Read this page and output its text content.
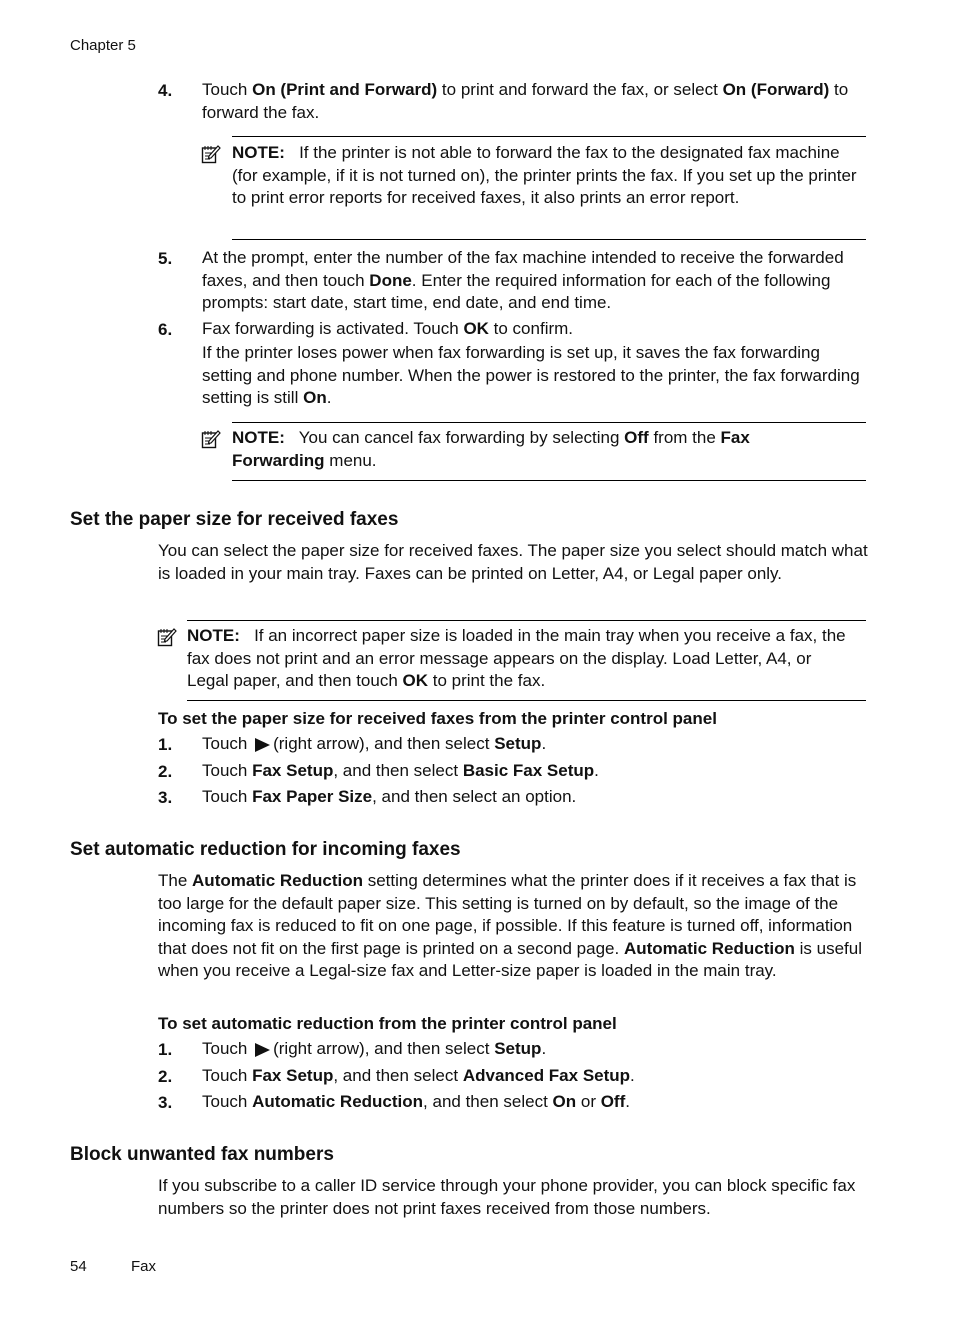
Chapter 5
4. Touch On (Print and Forward) to print and forward the fax, or select On (Forward) to forward the fax.
NOTE: If the printer is not able to forward the fax to the designated fax machine (for example, if it is not turned on), the printer prints the fax. If you set up the printer to print error reports for received faxes, it also prints an error report.
5. At the prompt, enter the number of the fax machine intended to receive the forwarded faxes, and then touch Done. Enter the required information for each of the following prompts: start date, start time, end date, and end time.
6. Fax forwarding is activated. Touch OK to confirm.
If the printer loses power when fax forwarding is set up, it saves the fax forwarding setting and phone number. When the power is restored to the printer, the fax forwarding setting is still On.
NOTE: You can cancel fax forwarding by selecting Off from the Fax Forwarding menu.
Set the paper size for received faxes
You can select the paper size for received faxes. The paper size you select should match what is loaded in your main tray. Faxes can be printed on Letter, A4, or Legal paper only.
NOTE: If an incorrect paper size is loaded in the main tray when you receive a fax, the fax does not print and an error message appears on the display. Load Letter, A4, or Legal paper, and then touch OK to print the fax.
To set the paper size for received faxes from the printer control panel
1. Touch (right arrow), and then select Setup.
2. Touch Fax Setup, and then select Basic Fax Setup.
3. Touch Fax Paper Size, and then select an option.
Set automatic reduction for incoming faxes
The Automatic Reduction setting determines what the printer does if it receives a fax that is too large for the default paper size. This setting is turned on by default, so the image of the incoming fax is reduced to fit on one page, if possible. If this feature is turned off, information that does not fit on the first page is printed on a second page. Automatic Reduction is useful when you receive a Legal-size fax and Letter-size paper is loaded in the main tray.
To set automatic reduction from the printer control panel
1. Touch (right arrow), and then select Setup.
2. Touch Fax Setup, and then select Advanced Fax Setup.
3. Touch Automatic Reduction, and then select On or Off.
Block unwanted fax numbers
If you subscribe to a caller ID service through your phone provider, you can block specific fax numbers so the printer does not print faxes received from those numbers.
54	Fax
